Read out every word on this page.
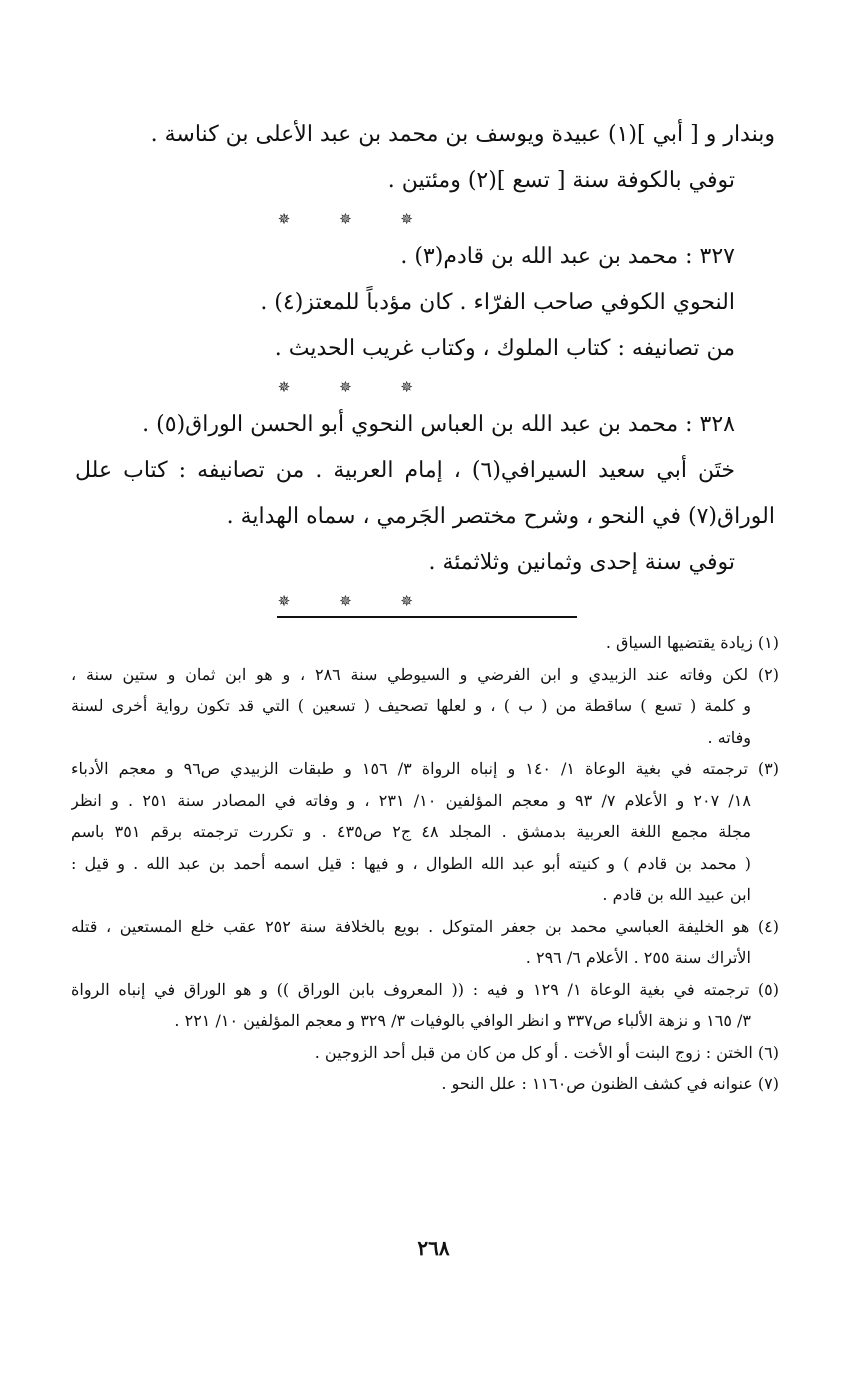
وبندار و [ أبي ](١) عبيدة ويوسف بن محمد بن عبد الأعلى بن كناسة .
توفي بالكوفة سنة [ تسع ](٢) ومئتين .
✵ ✵ ✵
٣٢٧ : محمد بن عبد الله بن قادم(٣) .
النحوي الكوفي صاحب الفرّاء . كان مؤدباً للمعتز(٤) .
من تصانيفه : كتاب الملوك ، وكتاب غريب الحديث .
✵ ✵ ✵
٣٢٨ : محمد بن عبد الله بن العباس النحوي أبو الحسن الوراق(٥) .
ختَن أبي سعيد السيرافي(٦) ، إمام العربية . من تصانيفه : كتاب علل
الوراق(٧) في النحو ، وشرح مختصر الجَرمي ، سماه الهداية .
توفي سنة إحدى وثمانين وثلاثمئة .
✵ ✵ ✵
(١) زيادة يقتضيها السياق .
(٢) لكن وفاته عند الزبيدي و ابن الفرضي و السيوطي سنة ٢٨٦ ، و هو ابن ثمان و ستين سنة ،
و كلمة ( تسع ) ساقطة من ( ب ) ، و لعلها تصحيف ( تسعين ) التي قد تكون رواية أخرى لسنة
وفاته .
(٣) ترجمته في بغية الوعاة ١/ ١٤٠ و إنباه الرواة ٣/ ١٥٦ و طبقات الزبيدي ص٩٦ و معجم الأدباء
١٨/ ٢٠٧ و الأعلام ٧/ ٩٣ و معجم المؤلفين ١٠/ ٢٣١ ، و وفاته في المصادر سنة ٢٥١ . و انظر
مجلة مجمع اللغة العربية بدمشق . المجلد ٤٨ ج٢ ص٤٣٥ . و تكررت ترجمته برقم ٣٥١ باسم
( محمد بن قادم ) و كنيته أبو عبد الله الطوال ، و فيها : قيل اسمه أحمد بن عبد الله . و قيل :
ابن عبيد الله بن قادم .
(٤) هو الخليفة العباسي محمد بن جعفر المتوكل . بويع بالخلافة سنة ٢٥٢ عقب خلع المستعين ، قتله
الأتراك سنة ٢٥٥ . الأعلام ٦/ ٢٩٦ .
(٥) ترجمته في بغية الوعاة ١/ ١٢٩ و فيه : (( المعروف بابن الوراق )) و هو الوراق في إنباه الرواة
٣/ ١٦٥ و نزهة الألباء ص٣٣٧ و انظر الوافي بالوفيات ٣/ ٣٢٩ و معجم المؤلفين ١٠/ ٢٢١ .
(٦) الختن : زوج البنت أو الأخت . أو كل من كان من قبل أحد الزوجين .
(٧) عنوانه في كشف الظنون ص١١٦٠ : علل النحو .
٢٦٨
